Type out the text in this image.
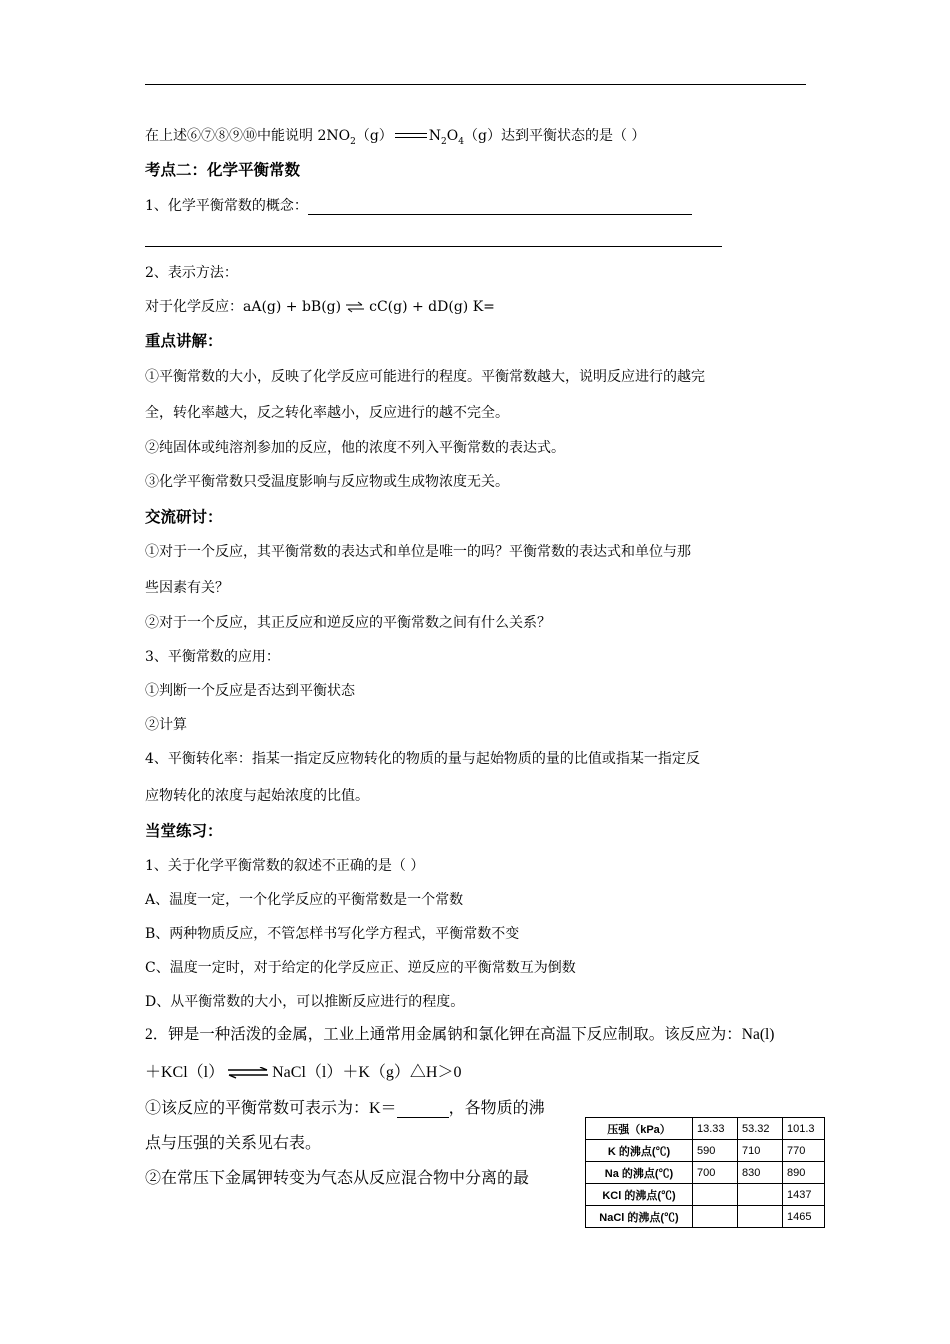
在上述⑥⑦⑧⑨⑩中能说明 $2NO_2(g)$	$N_2O_4(g)$达到平衡状态的是（ ）
考点二：化学平衡常数
1、化学平衡常数的概念：
2、表示方法：
对于化学反应：aA(g) + bB(g) ⇌ cC(g) + dD(g) K=
重点讲解：
①平衡常数的大小，反映了化学反应可能进行的程度。平衡常数越大，说明反应进行的越完
全，转化率越大，反之转化率越小，反应进行的越不完全。
②纯固体或纯溶剂参加的反应，他的浓度不列入平衡常数的表达式。
③化学平衡常数只受温度影响与反应物或生成物浓度无关。
交流研讨：
①对于一个反应，其平衡常数的表达式和单位是唯一的吗？平衡常数的表达式和单位与那
些因素有关？
②对于一个反应，其正反应和逆反应的平衡常数之间有什么关系？
3、平衡常数的应用：
①判断一个反应是否达到平衡状态
②计算
4、平衡转化率：指某一指定反应物转化的物质的量与起始物质的量的比值或指某一指定反
应物转化的浓度与起始浓度的比值。
当堂练习：
1、关于化学平衡常数的叙述不正确的是（ ）
A、温度一定，一个化学反应的平衡常数是一个常数
B、两种物质反应，不管怎样书写化学方程式，平衡常数不变
C、温度一定时，对于给定的化学反应正、逆反应的平衡常数互为倒数
D、从平衡常数的大小，可以推断反应进行的程度。
2．钾是一种活泼的金属，工业上通常用金属钠和氯化钾在高温下反应制取。该反应为：Na(l)
＋KCl（l） ⇌ NaCl（l）＋K（g）△H＞0
①该反应的平衡常数可表示为：K＝	，各物质的沸
点与压强的关系见右表。
②在常压下金属钾转变为气态从反应混合物中分离的最
压强（kPa）	13.33	53.32	101.3
K 的沸点(℃)	590	710	770
Na 的沸点(℃)	700	830	890
KCl 的沸点(℃)			1437
NaCl 的沸点(℃)			1465
